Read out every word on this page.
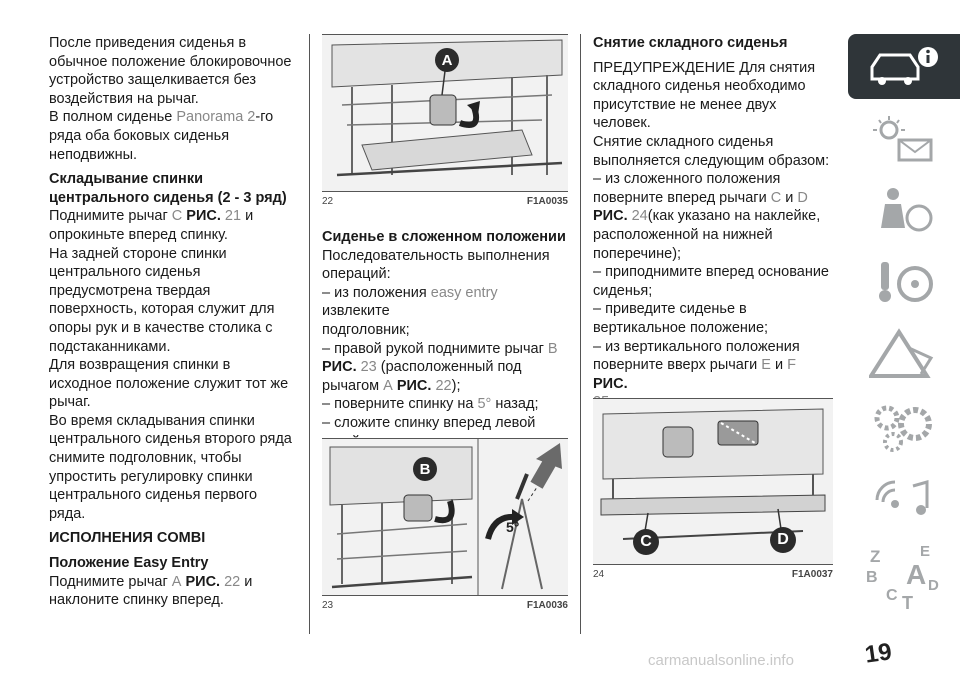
После приведения сиденья в
обычное положение блокировочное
устройство защелкивается без
воздействия на рычаг.
В полном сиденье Panorama 2-го
ряда оба боковых сиденья
неподвижны.
Складывание спинки
центрального сиденья (2 - 3 ряд)
Поднимите рычаг C РИС. 21 и
опрокиньте вперед спинку.
На задней стороне спинки
центрального сиденья
предусмотрена твердая
поверхность, которая служит для
опоры рук и в качестве столика с
подстаканниками.
Для возвращения спинки в
исходное положение служит тот же
рычаг.
Во время складывания спинки
центрального сиденья второго ряда
снимите подголовник, чтобы
упростить регулировку спинки
центрального сиденья первого
ряда.
ИСПОЛНЕНИЯ COMBI
Положение Easy Entry
Поднимите рычаг A РИС. 22 и
наклоните спинку вперед.
A
22	F1A0035
Сиденье в сложенном положении
Последовательность выполнения
операций:
– из положения easy entry извлеките
подголовник;
– правой рукой поднимите рычаг B
РИС. 23 (расположенный под
рычагом A РИС. 22);
– поверните спинку на 5° назад;
– сложите спинку вперед левой

B
5°
23	F1A0036
Снятие складного сиденья
ПРЕДУПРЕЖДЕНИЕ Для снятия
складного сиденья необходимо
присутствие не менее двух человек.
Снятие складного сиденья
выполняется следующим образом:
– из сложенного положения
поверните вперед рычаги C и D
РИС. 24(как указано на наклейке,
расположенной на нижней
поперечине);
– приподнимите вперед основание
сиденья;
– приведите сиденье в
вертикальное положение;
– из вертикального положения
поверните вверх рычаги E и F РИС.
C	D
24	F1A0037
Z	E
B A
C T
D
19
carmanualsonline.info
